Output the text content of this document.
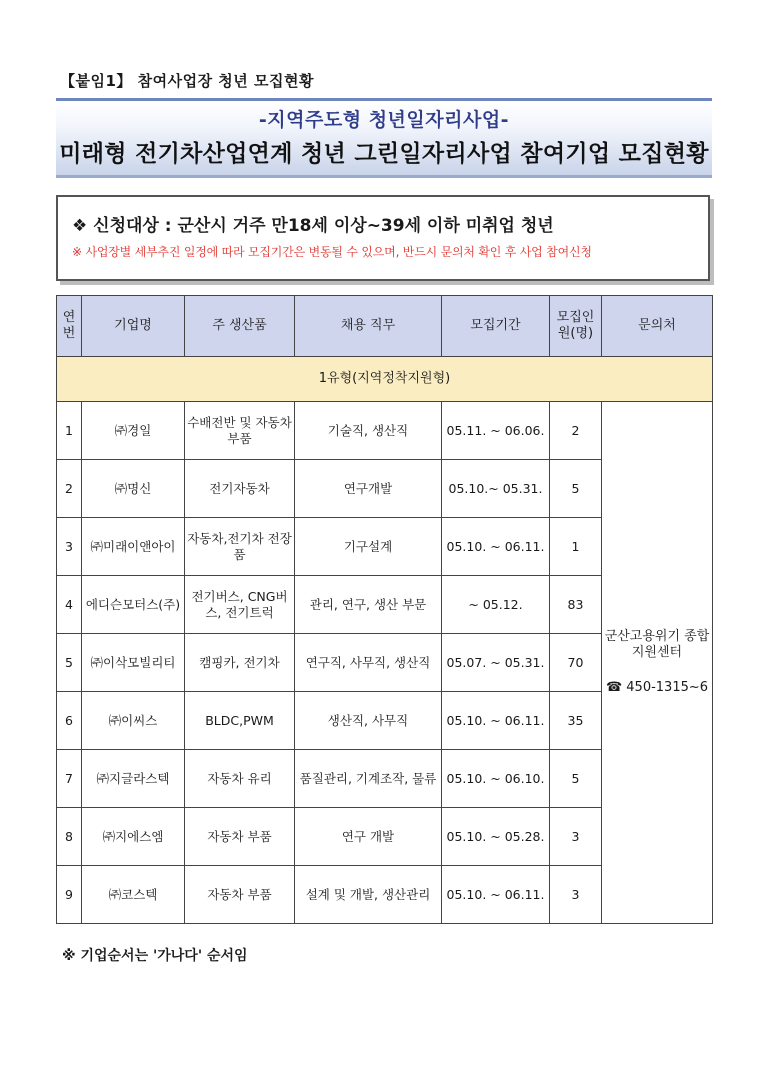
【붙임1】 참여사업장 청년 모집현황
-지역주도형 청년일자리사업-
미래형 전기차산업연계 청년 그린일자리사업 참여기업 모집현황
❖ 신청대상 : 군산시 거주 만18세 이상~39세 이하 미취업 청년
※ 사업장별 세부추진 일정에 따라 모집기간은 변동될 수 있으며, 반드시 문의처 확인 후 사업 참여신청
연번	기업명	주 생산품	채용 직무	모집기간	모집인원(명)	문의처
1유형(지역정착지원형)						
1	㈜경일	수배전반 및 자동차부품	기술직, 생산직	05.11. ~ 06.06.	2	군산고용위기 종합지원센터
☎ 450-1315~6
2	㈜명신	전기자동차	연구개발	05.10.~ 05.31.	5	
3	㈜미래이앤아이	자동차,전기차 전장품	기구설계	05.10. ~ 06.11.	1	
4	에디슨모터스(주)	전기버스, CNG버스, 전기트럭	관리, 연구, 생산 부문	~ 05.12.	83	
5	㈜이삭모빌리티	캠핑카, 전기차	연구직, 사무직, 생산직	05.07. ~ 05.31.	70	
6	㈜이씨스	BLDC,PWM	생산직, 사무직	05.10. ~ 06.11.	35	
7	㈜지글라스텍	자동차 유리	품질관리, 기계조작, 물류	05.10. ~ 06.10.	5	
8	㈜지에스엠	자동차 부품	연구 개발	05.10. ~ 05.28.	3	
9	㈜코스텍	자동차 부품	설계 및 개발, 생산관리	05.10. ~ 06.11.	3	
※ 기업순서는 '가나다' 순서임
